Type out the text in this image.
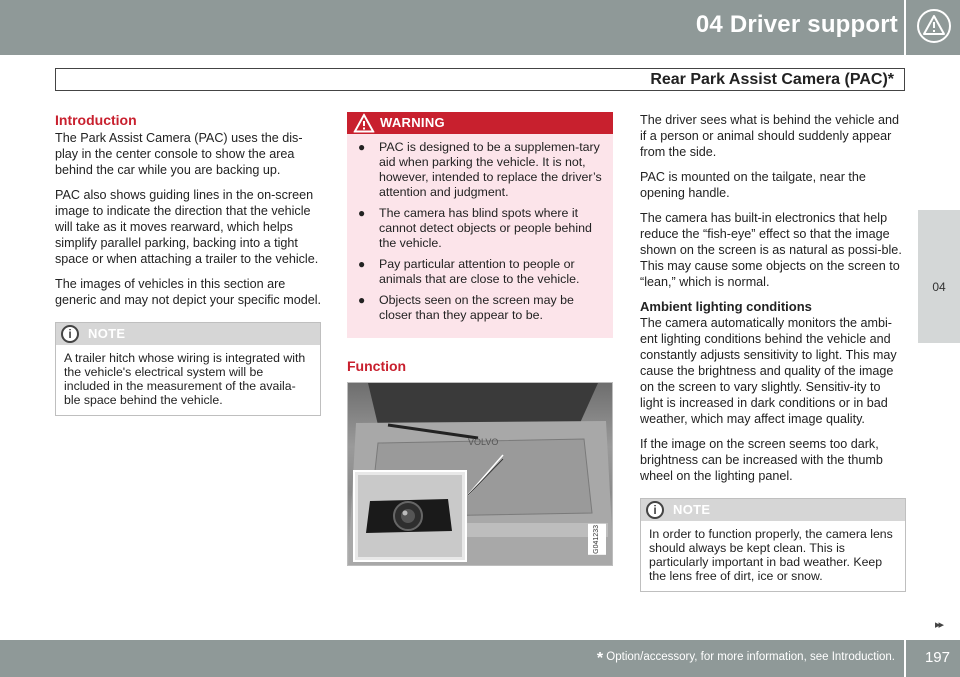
04 Driver support
Rear Park Assist Camera (PAC)*
04
Introduction

The Park Assist Camera (PAC) uses the dis-play in the center console to show the area behind the car while you are backing up.

PAC also shows guiding lines in the on-screen image to indicate the direction that the vehicle will take as it moves rearward, which helps simplify parallel parking, backing into a tight space or when attaching a trailer to the vehicle.

The images of vehicles in this section are generic and may not depict your specific model.

i	NOTE
A trailer hitch whose wiring is integrated with the vehicle's electrical system will be included in the measurement of the availa-ble space behind the vehicle.
WARNING
● PAC is designed to be a supplemen-tary aid when parking the vehicle. It is not, however, intended to replace the driver’s attention and judgment.
● The camera has blind spots where it cannot detect objects or people behind the vehicle.
● Pay particular attention to people or animals that are close to the vehicle.
● Objects seen on the screen may be closer than they appear to be.
Function
VOLVO
G041233

The driver sees what is behind the vehicle and if a person or animal should suddenly appear from the side.

PAC is mounted on the tailgate, near the opening handle.

The camera has built-in electronics that help reduce the “fish-eye” effect so that the image shown on the screen is as natural as possi-ble. This may cause some objects on the screen to “lean,” which is normal.

Ambient lighting conditions

The camera automatically monitors the ambi-ent lighting conditions behind the vehicle and constantly adjusts sensitivity to light. This may cause the brightness and quality of the image on the screen to vary slightly. Sensitiv-ity to light is increased in dark conditions or in bad weather, which may affect image quality.

If the image on the screen seems too dark, brightness can be increased with the thumb wheel on the lighting panel.

i	NOTE
In order to function properly, the camera lens should always be kept clean. This is particularly important in bad weather. Keep the lens free of dirt, ice or snow.
▸▸
* Option/accessory, for more information, see Introduction. 197
